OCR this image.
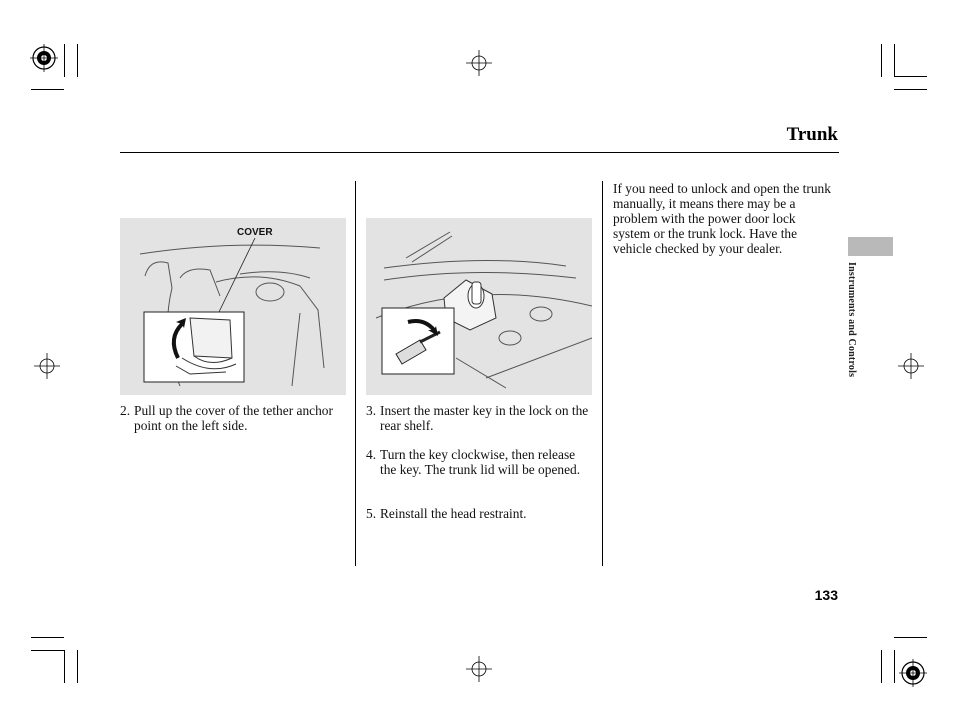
Trunk
COVER
2. Pull up the cover of the tether anchor point on the left side.
3. Insert the master key in the lock on the rear shelf.
4. Turn the key clockwise, then release the key. The trunk lid will be opened.
5. Reinstall the head restraint.
If you need to unlock and open the trunk manually, it means there may be a problem with the power door lock system or the trunk lock. Have the vehicle checked by your dealer.
Instruments and Controls
133
